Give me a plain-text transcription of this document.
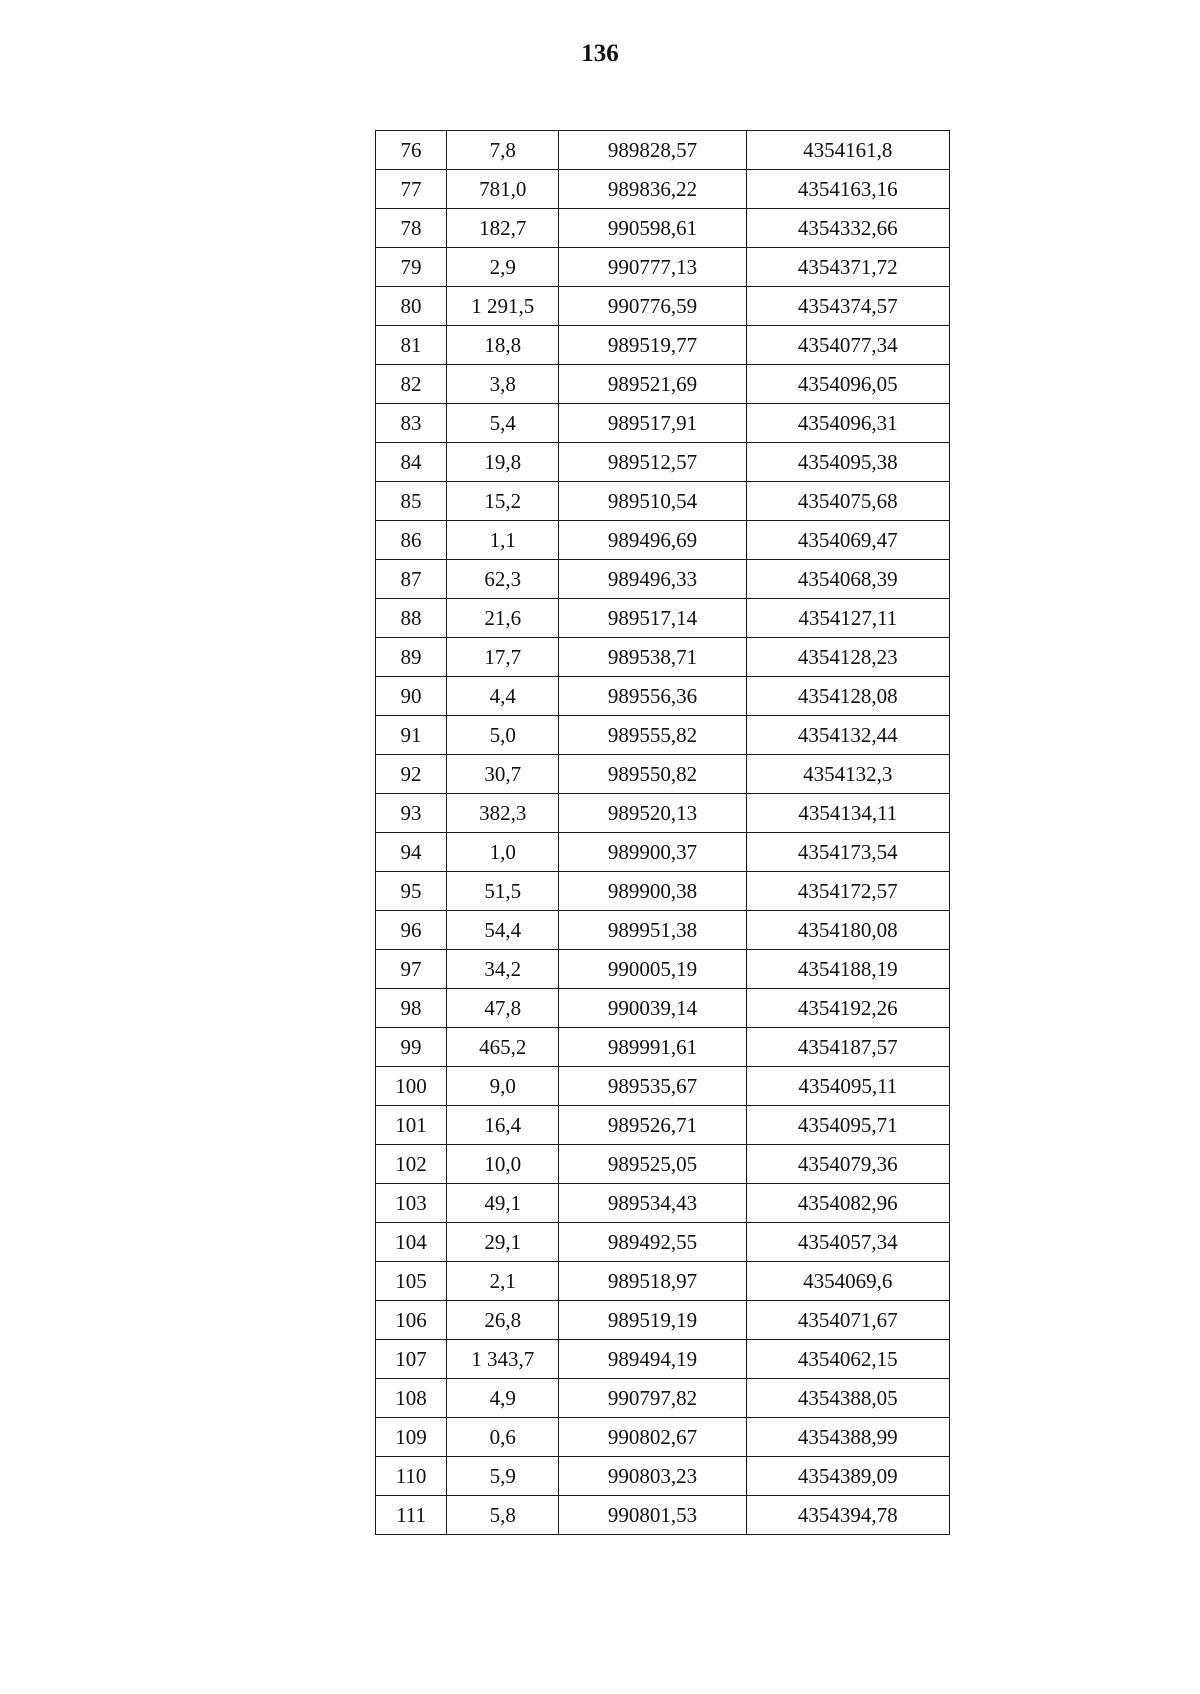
136
76	7,8	989828,57	4354161,8
77	781,0	989836,22	4354163,16
78	182,7	990598,61	4354332,66
79	2,9	990777,13	4354371,72
80	1 291,5	990776,59	4354374,57
81	18,8	989519,77	4354077,34
82	3,8	989521,69	4354096,05
83	5,4	989517,91	4354096,31
84	19,8	989512,57	4354095,38
85	15,2	989510,54	4354075,68
86	1,1	989496,69	4354069,47
87	62,3	989496,33	4354068,39
88	21,6	989517,14	4354127,11
89	17,7	989538,71	4354128,23
90	4,4	989556,36	4354128,08
91	5,0	989555,82	4354132,44
92	30,7	989550,82	4354132,3
93	382,3	989520,13	4354134,11
94	1,0	989900,37	4354173,54
95	51,5	989900,38	4354172,57
96	54,4	989951,38	4354180,08
97	34,2	990005,19	4354188,19
98	47,8	990039,14	4354192,26
99	465,2	989991,61	4354187,57
100	9,0	989535,67	4354095,11
101	16,4	989526,71	4354095,71
102	10,0	989525,05	4354079,36
103	49,1	989534,43	4354082,96
104	29,1	989492,55	4354057,34
105	2,1	989518,97	4354069,6
106	26,8	989519,19	4354071,67
107	1 343,7	989494,19	4354062,15
108	4,9	990797,82	4354388,05
109	0,6	990802,67	4354388,99
110	5,9	990803,23	4354389,09
111	5,8	990801,53	4354394,78
